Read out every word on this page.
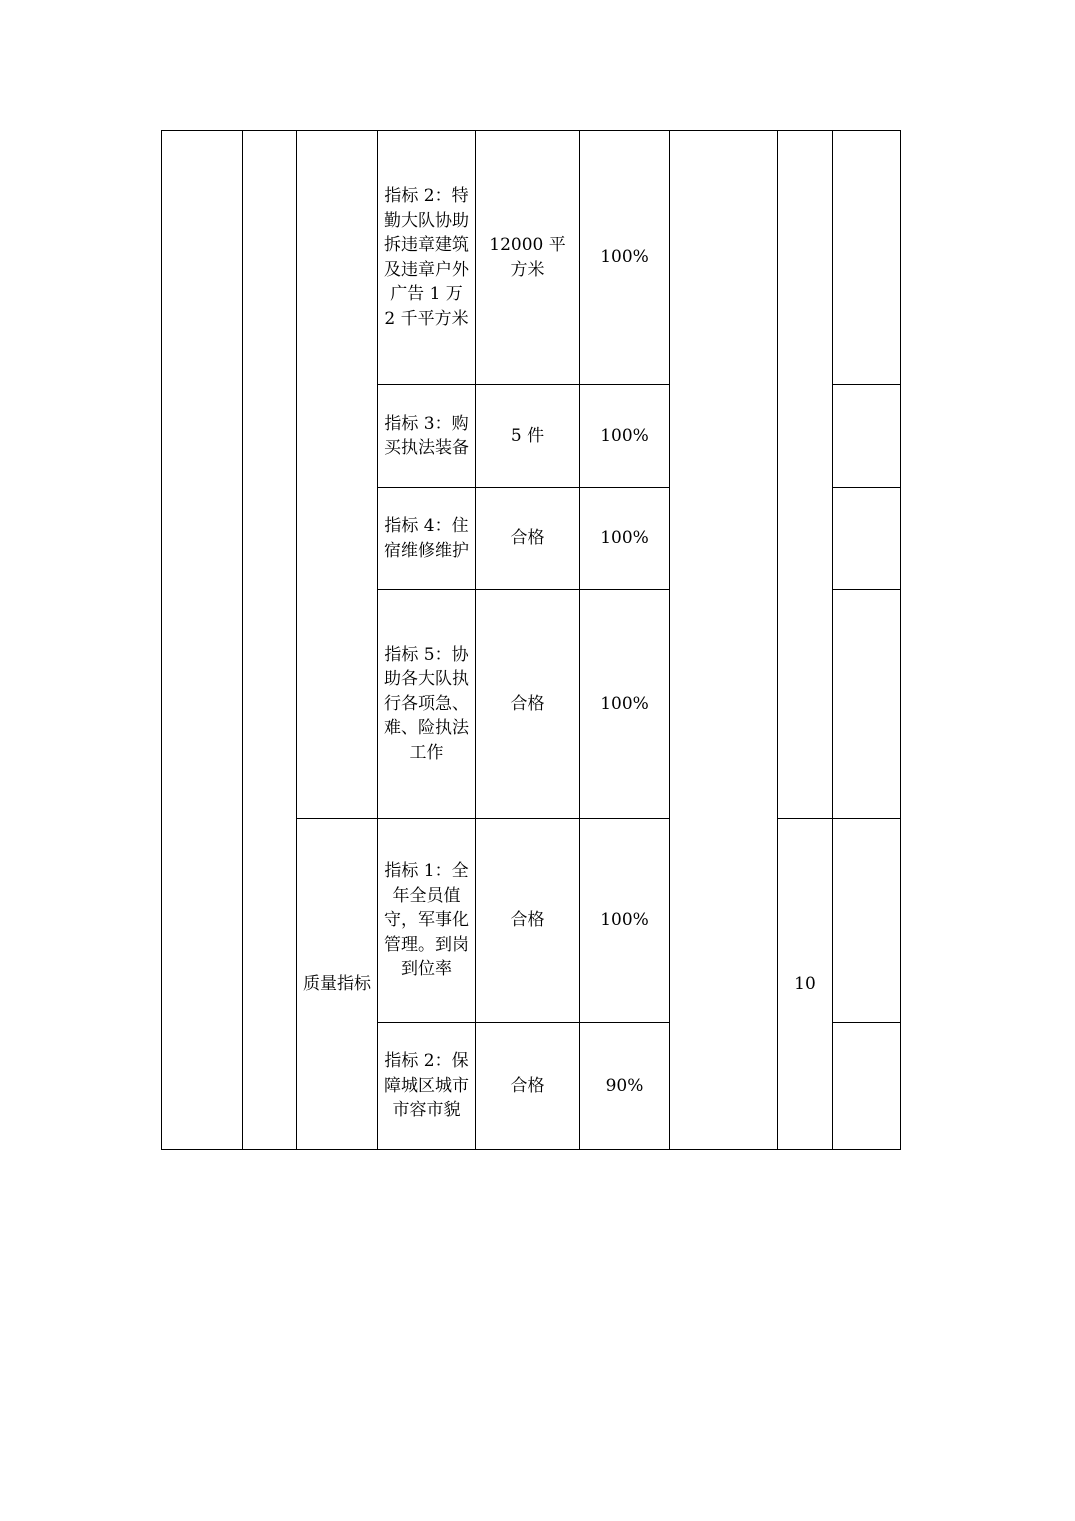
			指标 2：特勤大队协助拆违章建筑及违章户外广告 1 万 2 千平方米	12000 平方米	100%			
			指标 3：购买执法装备	5 件	100%			
			指标 4：住宿维修维护	合格	100%			
			指标 5：协助各大队执行各项急、难、险执法工作	合格	100%			
		质量指标	指标 1：全年全员值守，军事化管理。到岗到位率	合格	100%		10	
			指标 2：保障城区城市市容市貌	合格	90%			
